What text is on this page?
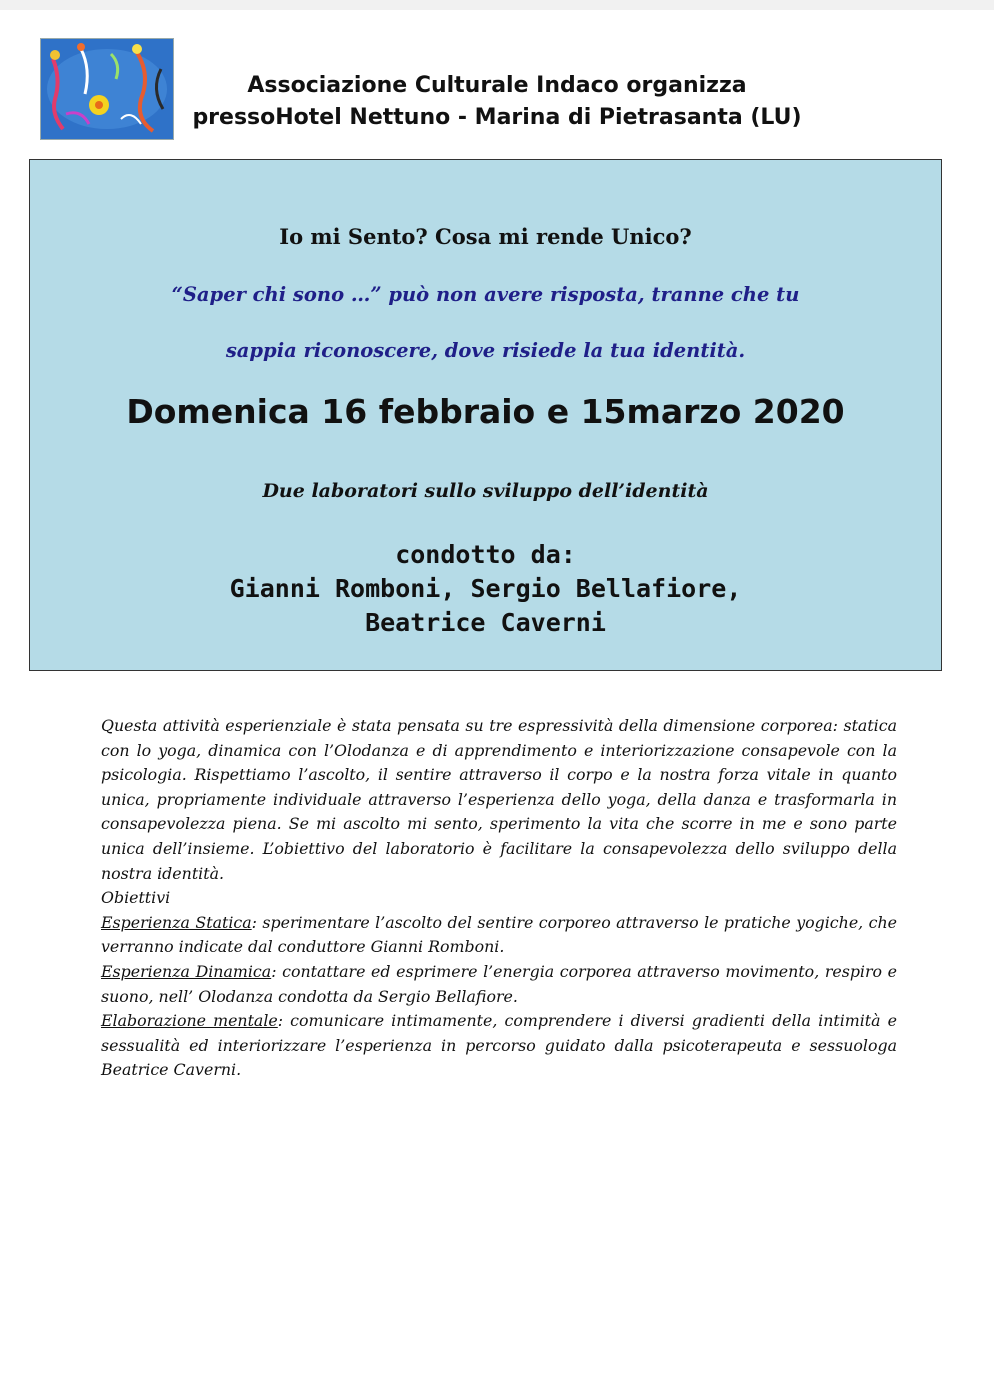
Associazione Culturale Indaco organizza
pressoHotel Nettuno - Marina di Pietrasanta (LU)
Io mi Sento? Cosa mi rende Unico?
“Saper chi sono …” può non avere risposta, tranne che tu
sappia riconoscere, dove risiede la tua identità.
Domenica 16 febbraio e 15marzo 2020
Due laboratori sullo sviluppo dell’identità
condotto da:
Gianni Romboni, Sergio Bellafiore,
Beatrice Caverni

Questa attività esperienziale è stata pensata su tre espressività della dimensione corporea: statica con lo yoga, dinamica con l’Olodanza e di apprendimento e interiorizzazione consapevole con la psicologia. Rispettiamo l’ascolto, il sentire attraverso il corpo e la nostra forza vitale in quanto unica, propriamente individuale attraverso l’esperienza dello yoga, della danza e trasformarla in consapevolezza piena. Se mi ascolto mi sento, sperimento la vita che scorre in me e sono parte unica dell’insieme. L’obiettivo del laboratorio è facilitare la consapevolezza dello sviluppo della nostra identità.

Obiettivi

Esperienza Statica: sperimentare l’ascolto del sentire corporeo attraverso le pratiche yogiche, che verranno indicate dal conduttore Gianni Romboni.

Esperienza Dinamica: contattare ed esprimere l’energia corporea attraverso movimento, respiro e suono, nell’ Olodanza condotta da Sergio Bellafiore.

Elaborazione mentale: comunicare intimamente, comprendere i diversi gradienti della intimità e sessualità ed interiorizzare l’esperienza in percorso guidato dalla psicoterapeuta e sessuologa Beatrice Caverni.
